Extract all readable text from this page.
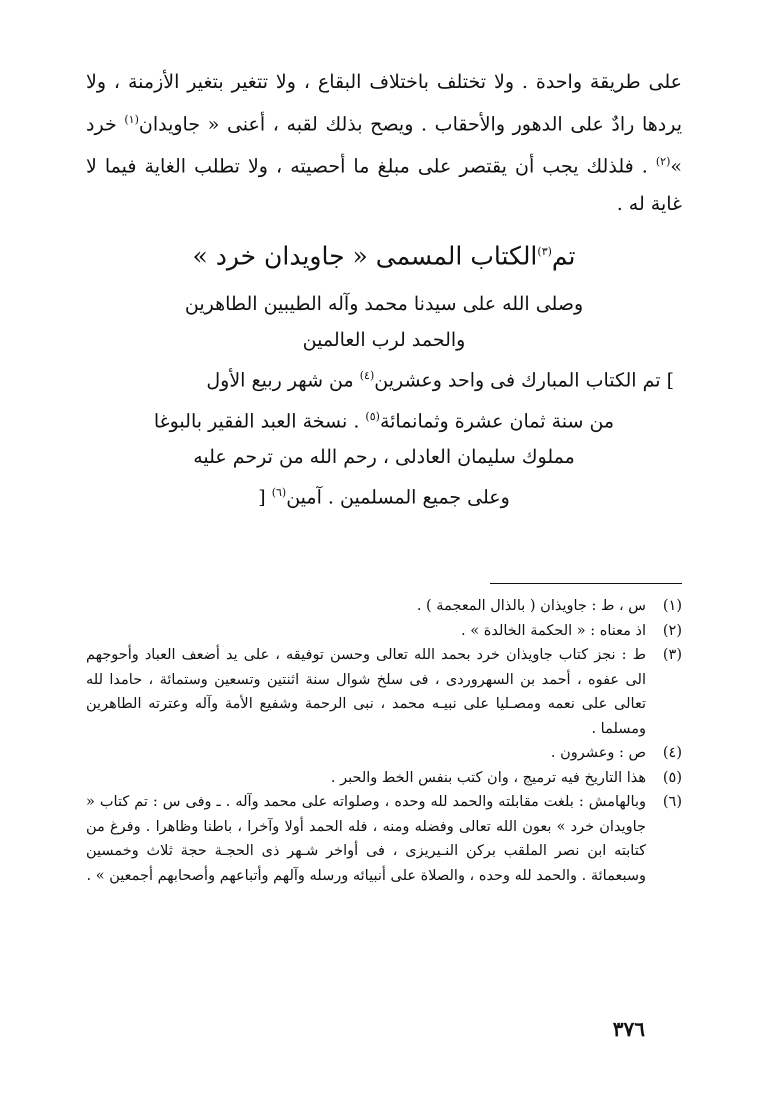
على طريقة واحدة . ولا تختلف باختلاف البقاع ، ولا تتغير بتغير الأزمنة ، ولا يردها رادٌ على الدهور والأحقاب . ويصح بذلك لقبه ، أعنى « جاويدان$^{(١)}$ خرد »$^{(٢)}$ . فلذلك يجب أن يقتصر على مبلغ ما أحصيته ، ولا تطلب الغاية فيما لا غاية له .

تم$^{(٣)}$الكتاب المسمى « جاويدان خرد »

وصلى الله على سيدنا محمد وآله الطيبين الطاهرين

والحمد لرب العالمين

] تم الكتاب المبارك فى واحد وعشرين$^{(٤)}$ من شهر ربيع الأول

من سنة ثمان عشرة وثمانمائة$^{(٥)}$ . نسخة العبد الفقير بالبوغا

مملوك سليمان العادلى ، رحم الله من ترحم عليه

وعلى جميع المسلمين . آمين$^{(٦)}$ [

(١)
س ، ط : جاويذان ( بالذال المعجمة ) .
(٢)
اذ معناه : « الحكمة الخالدة » .
(٣)
ط : نجز كتاب جاويذان خرد بحمد الله تعالى وحسن توفيقه ، على يد أضعف العباد وأحوجهم الى عفوه ، أحمد بن السهروردى ، فى سلخ شوال سنة اثنتين وتسعين وستمائة ، حامدا لله تعالى على نعمه ومصـليا على نبيـه محمد ، نبى الرحمة وشفيع الأمة وآله وعترته الطاهرين ومسلما .
(٤)
ص : وعشرون .
(٥)
هذا التاريخ فيه ترميج ، وان كتب بنفس الخط والحبر .
(٦)
وبالهامش : بلغت مقابلته والحمد لله وحده ، وصلواته على محمد وآله . ـ وفى س : تم كتاب « جاويدان خرد » بعون الله تعالى وفضله ومنه ، فله الحمد أولا وآخرا ، باطنا وظاهرا . وفرغ من كتابته ابن نصر الملقب بركن النـيريزى ، فى أواخر شـهر ذى الحجـة حجة ثلاث وخمسين وسبعمائة . والحمد لله وحده ، والصلاة على أنبيائه ورسله وآلهم وأتباعهم وأصحابهم أجمعين » .
٣٧٦
